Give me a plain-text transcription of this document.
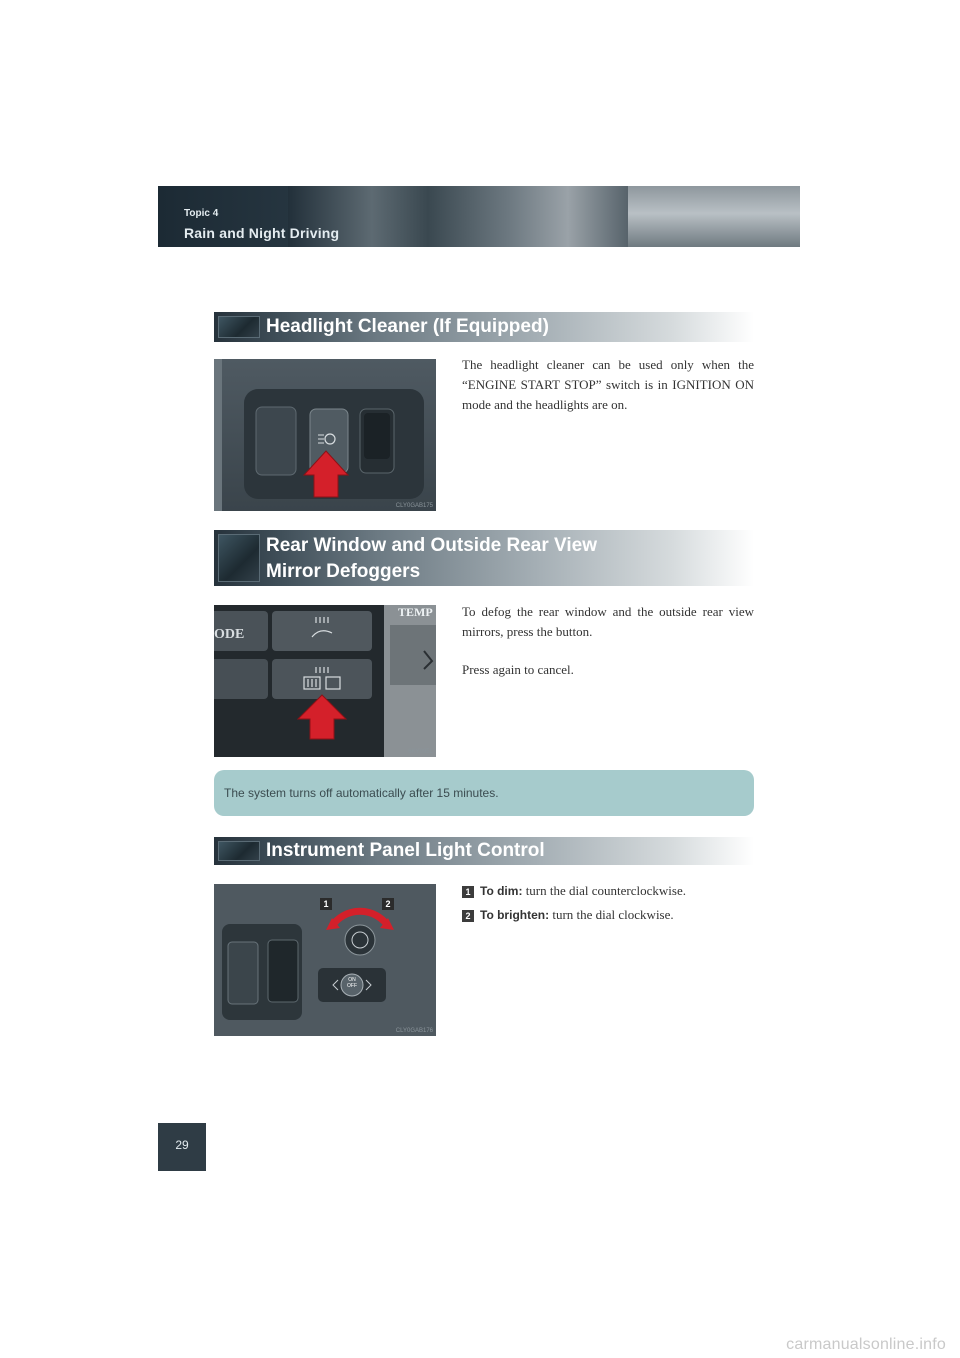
Topic 4
Rain and Night Driving
Headlight Cleaner (If Equipped)
CLY0GAB175
The headlight cleaner can be used only when the “ENGINE START STOP” switch is in IGNITION ON mode and the headlights are on.
Rear Window and Outside Rear View
Mirror Defoggers
ODE
TEMP
6KY095L
To defog the rear window and the outside rear view mirrors, press the button.
Press again to cancel.
The system turns off automatically after 15 minutes.
Instrument Panel Light Control
1	2
ON
OFF
CLY0GAB176
1 To dim: turn the dial counterclockwise.
2 To brighten: turn the dial clockwise.
29
carmanualsonline.info
